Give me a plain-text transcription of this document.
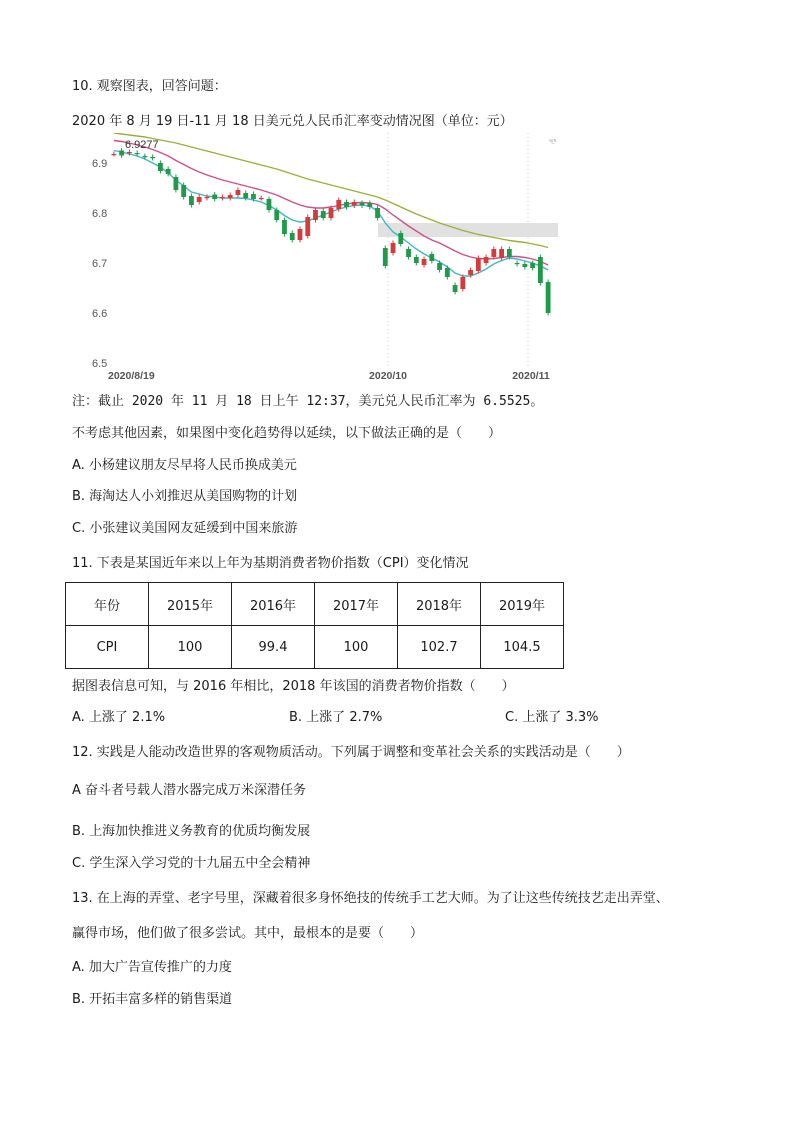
10. 观察图表，回答问题：
2020 年 8 月 19 日-11 月 18 日美元兑人民币汇率变动情况图（单位：元）
6.9
6.8
6.7
6.6
6.5
2020/8/19	2020/10	2020/11
6.9277	ஞ
注：截止 2020 年 11 月 18 日上午 12:37，美元兑人民币汇率为 6.5525。
不考虑其他因素，如果图中变化趋势得以延续，以下做法正确的是（　　）
A. 小杨建议朋友尽早将人民币换成美元
B. 海淘达人小刘推迟从美国购物的计划
C. 小张建议美国网友延缓到中国来旅游
11. 下表是某国近年来以上年为基期消费者物价指数（CPI）变化情况
年份	2015年	2016年	2017年	2018年	2019年
CPI	100	99.4	100	102.7	104.5
据图表信息可知，与 2016 年相比，2018 年该国的消费者物价指数（　　）
A. 上涨了 2.1%	B. 上涨了 2.7%	C. 上涨了 3.3%
12. 实践是人能动改造世界的客观物质活动。下列属于调整和变革社会关系的实践活动是（　　）
A 奋斗者号载人潜水器完成万米深潜任务
B. 上海加快推进义务教育的优质均衡发展
C. 学生深入学习党的十九届五中全会精神
13. 在上海的弄堂、老字号里，深藏着很多身怀绝技的传统手工艺大师。为了让这些传统技艺走出弄堂、
赢得市场，他们做了很多尝试。其中，最根本的是要（　　）
A. 加大广告宣传推广的力度
B. 开拓丰富多样的销售渠道
